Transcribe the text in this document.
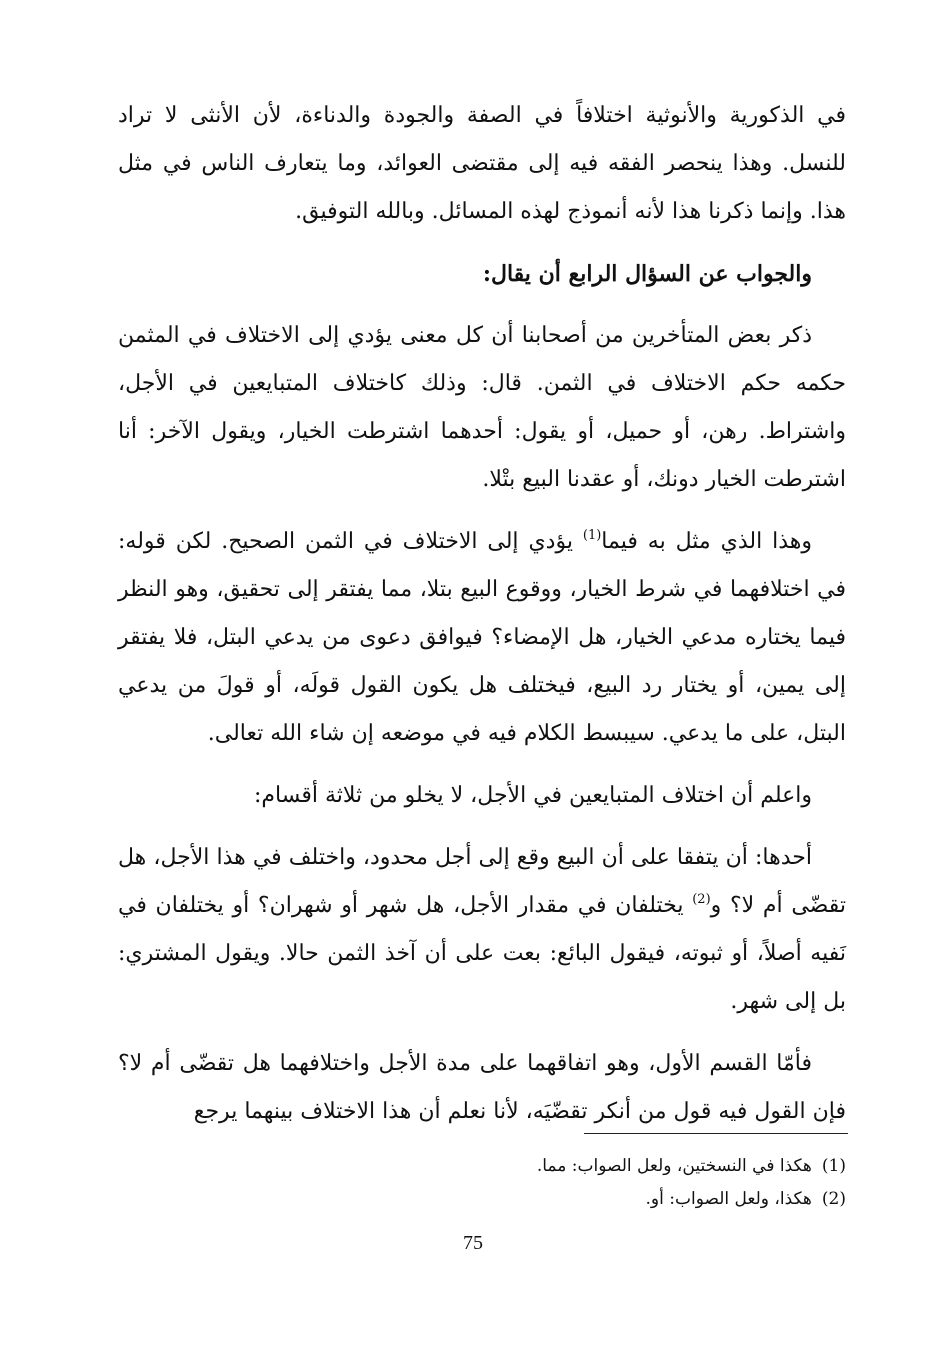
في الذكورية والأنوثية اختلافاً في الصفة والجودة والدناءة، لأن الأنثى لا تراد للنسل. وهذا ينحصر الفقه فيه إلى مقتضى العوائد، وما يتعارف الناس في مثل هذا. وإنما ذكرنا هذا لأنه أنموذج لهذه المسائل. وبالله التوفيق.

والجواب عن السؤال الرابع أن يقال:

ذكر بعض المتأخرين من أصحابنا أن كل معنى يؤدي إلى الاختلاف في المثمن حكمه حكم الاختلاف في الثمن. قال: وذلك كاختلاف المتبايعين في الأجل، واشتراط. رهن، أو حميل، أو يقول: أحدهما اشترطت الخيار، ويقول الآخر: أنا اشترطت الخيار دونك، أو عقدنا البيع بتْلا.

وهذا الذي مثل به فيما$^{(1)}$ يؤدي إلى الاختلاف في الثمن الصحيح. لكن قوله: في اختلافهما في شرط الخيار، ووقوع البيع بتلا، مما يفتقر إلى تحقيق، وهو النظر فيما يختاره مدعي الخيار، هل الإمضاء؟ فيوافق دعوى من يدعي البتل، فلا يفتقر إلى يمين، أو يختار رد البيع، فيختلف هل يكون القول قولَه، أو قولَ من يدعي البتل، على ما يدعي. سيبسط الكلام فيه في موضعه إن شاء الله تعالى.

واعلم أن اختلاف المتبايعين في الأجل، لا يخلو من ثلاثة أقسام:

أحدها: أن يتفقا على أن البيع وقع إلى أجل محدود، واختلف في هذا الأجل، هل تقضّى أم لا؟ و$^{(2)}$ يختلفان في مقدار الأجل، هل شهر أو شهران؟ أو يختلفان في نَفيه أصلاً، أو ثبوته، فيقول البائع: بعت على أن آخذ الثمن حالا. ويقول المشتري: بل إلى شهر.

فأمّا القسم الأول، وهو اتفاقهما على مدة الأجل واختلافهما هل تقضّى أم لا؟ فإن القول فيه قول من أنكر تقضّيَه، لأنا نعلم أن هذا الاختلاف بينهما يرجع

(1)هكذا في النسختين، ولعل الصواب: مما.

(2)هكذا، ولعل الصواب: أو.

75
